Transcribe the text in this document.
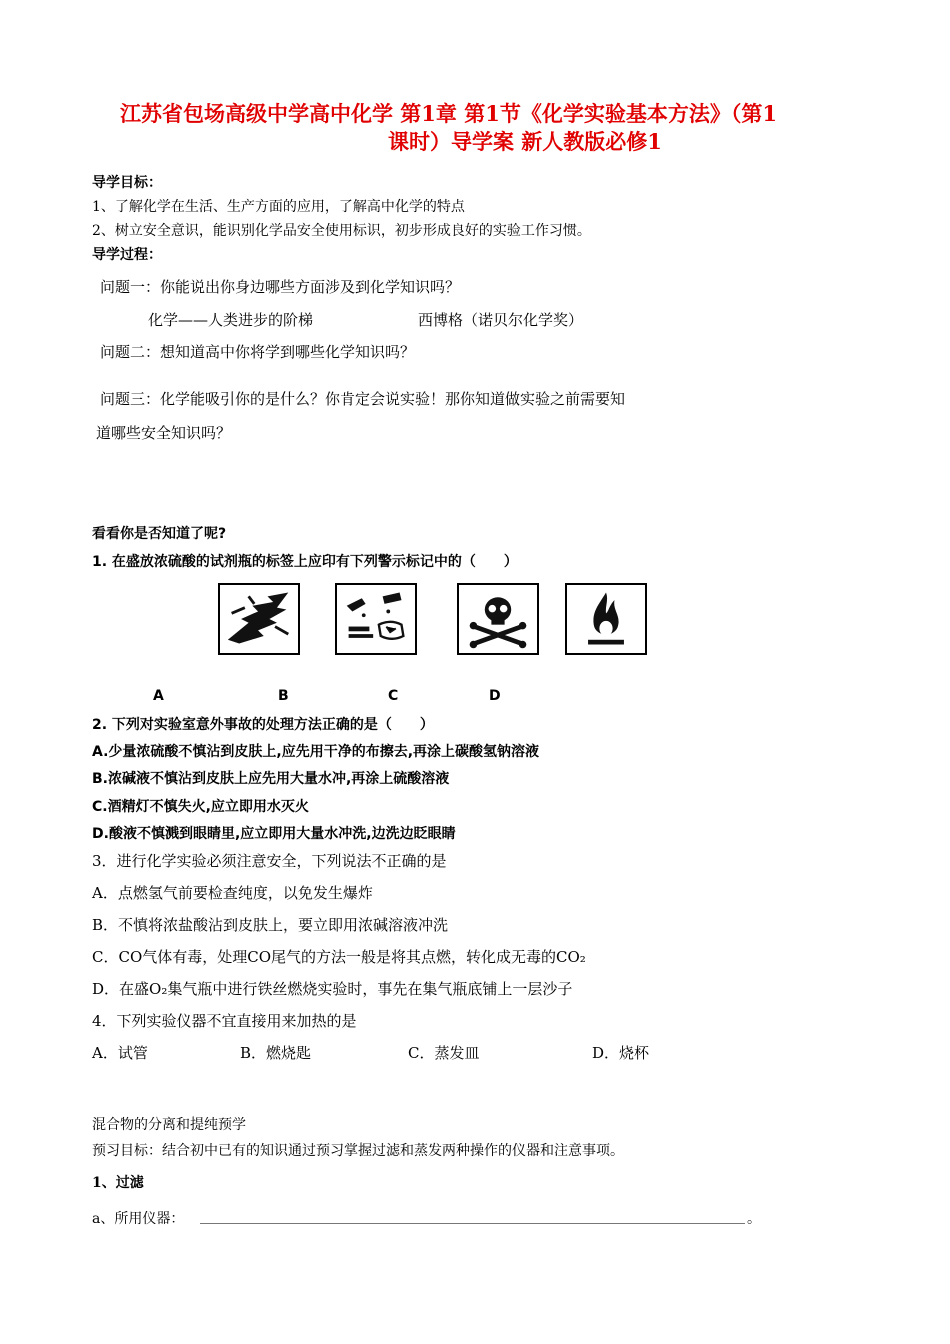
江苏省包场高级中学高中化学 第1章 第1节《化学实验基本方法》（第1
课时）导学案 新人教版必修1
导学目标：
1、了解化学在生活、生产方面的应用，了解高中化学的特点
2、树立安全意识，能识别化学品安全使用标识，初步形成良好的实验工作习惯。
导学过程：
问题一：你能说出你身边哪些方面涉及到化学知识吗？
化学——人类进步的阶梯	西博格（诺贝尔化学奖）
问题二：想知道高中你将学到哪些化学知识吗？
问题三：化学能吸引你的是什么？你肯定会说实验！那你知道做实验之前需要知
道哪些安全知识吗？
看看你是否知道了呢?
1. 在盛放浓硫酸的试剂瓶的标签上应印有下列警示标记中的（　　）
A	B	C	D
2. 下列对实验室意外事故的处理方法正确的是（　　）
A.少量浓硫酸不慎沾到皮肤上,应先用干净的布擦去,再涂上碳酸氢钠溶液
B.浓碱液不慎沾到皮肤上应先用大量水冲,再涂上硫酸溶液
C.酒精灯不慎失火,应立即用水灭火
D.酸液不慎溅到眼睛里,应立即用大量水冲洗,边洗边眨眼睛
3．进行化学实验必须注意安全，下列说法不正确的是
A．点燃氢气前要检查纯度，以免发生爆炸
B．不慎将浓盐酸沾到皮肤上，要立即用浓碱溶液冲洗
C．CO气体有毒，处理CO尾气的方法一般是将其点燃，转化成无毒的CO₂
D．在盛O₂集气瓶中进行铁丝燃烧实验时，事先在集气瓶底铺上一层沙子
4．下列实验仪器不宜直接用来加热的是
A．试管	B．燃烧匙	C．蒸发皿	D．烧杯
混合物的分离和提纯预学
预习目标：结合初中已有的知识通过预习掌握过滤和蒸发两种操作的仪器和注意事项。
1、过滤
a、所用仪器：	。
